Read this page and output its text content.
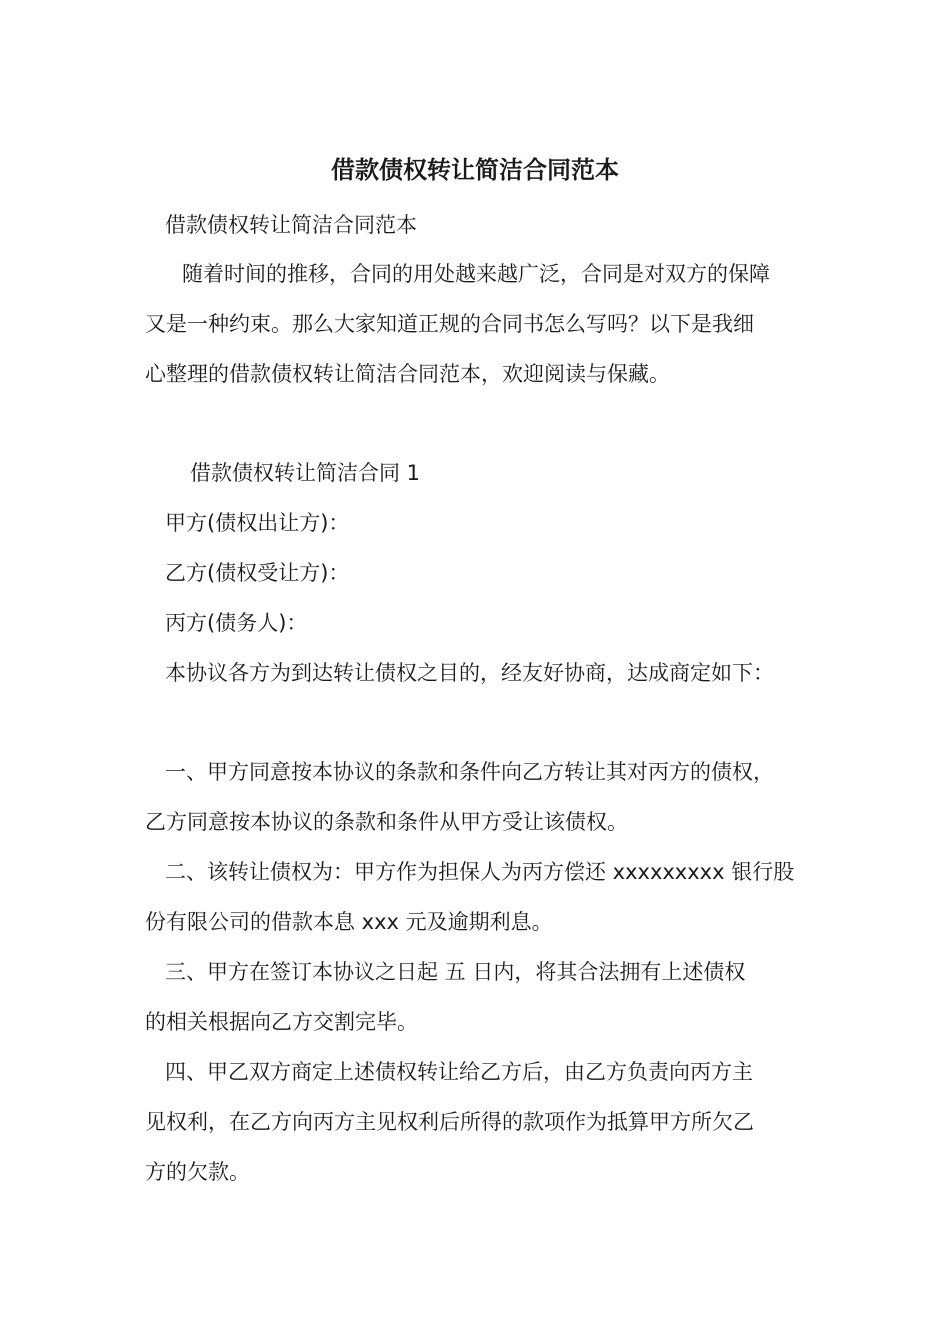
借款债权转让简洁合同范本
借款债权转让简洁合同范本
随着时间的推移，合同的用处越来越广泛，合同是对双方的保障
又是一种约束。那么大家知道正规的合同书怎么写吗？以下是我细
心整理的借款债权转让简洁合同范本，欢迎阅读与保藏。
借款债权转让简洁合同 1
甲方(债权出让方)：
乙方(债权受让方)：
丙方(债务人)：
本协议各方为到达转让债权之目的，经友好协商，达成商定如下：
一、甲方同意按本协议的条款和条件向乙方转让其对丙方的债权，
乙方同意按本协议的条款和条件从甲方受让该债权。
二、该转让债权为：甲方作为担保人为丙方偿还 xxxxxxxxx 银行股
份有限公司的借款本息 xxx 元及逾期利息。
三、甲方在签订本协议之日起 五 日内，将其合法拥有上述债权
的相关根据向乙方交割完毕。
四、甲乙双方商定上述债权转让给乙方后，由乙方负责向丙方主
见权利，在乙方向丙方主见权利后所得的款项作为抵算甲方所欠乙
方的欠款。
